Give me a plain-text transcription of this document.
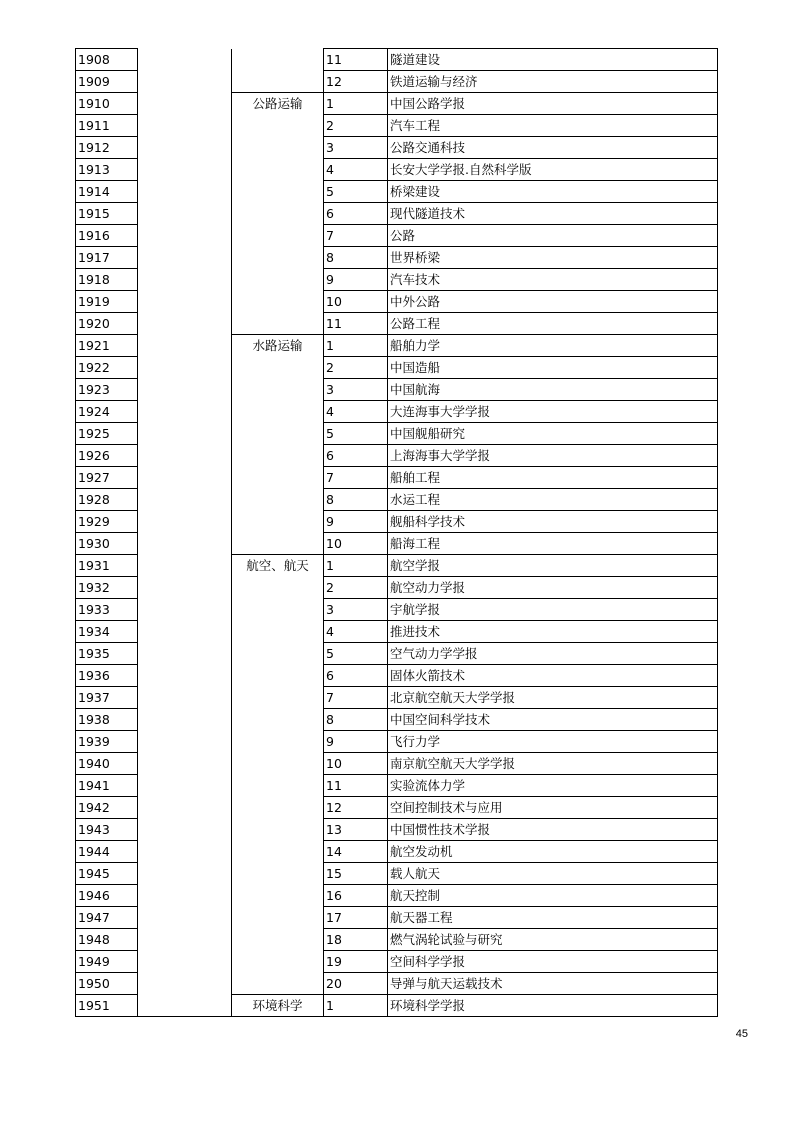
1908			11	隧道建设
1909			12	铁道运输与经济
1910		公路运输	1	中国公路学报
1911			2	汽车工程
1912			3	公路交通科技
1913			4	长安大学学报.自然科学版
1914			5	桥梁建设
1915			6	现代隧道技术
1916			7	公路
1917			8	世界桥梁
1918			9	汽车技术
1919			10	中外公路
1920			11	公路工程
1921		水路运输	1	船舶力学
1922			2	中国造船
1923			3	中国航海
1924			4	大连海事大学学报
1925			5	中国舰船研究
1926			6	上海海事大学学报
1927			7	船舶工程
1928			8	水运工程
1929			9	舰船科学技术
1930			10	船海工程
1931		航空、航天	1	航空学报
1932			2	航空动力学报
1933			3	宇航学报
1934			4	推进技术
1935			5	空气动力学学报
1936			6	固体火箭技术
1937			7	北京航空航天大学学报
1938			8	中国空间科学技术
1939			9	飞行力学
1940			10	南京航空航天大学学报
1941			11	实验流体力学
1942			12	空间控制技术与应用
1943			13	中国惯性技术学报
1944			14	航空发动机
1945			15	载人航天
1946			16	航天控制
1947			17	航天器工程
1948			18	燃气涡轮试验与研究
1949			19	空间科学学报
1950			20	导弹与航天运载技术
1951		环境科学	1	环境科学学报
45
